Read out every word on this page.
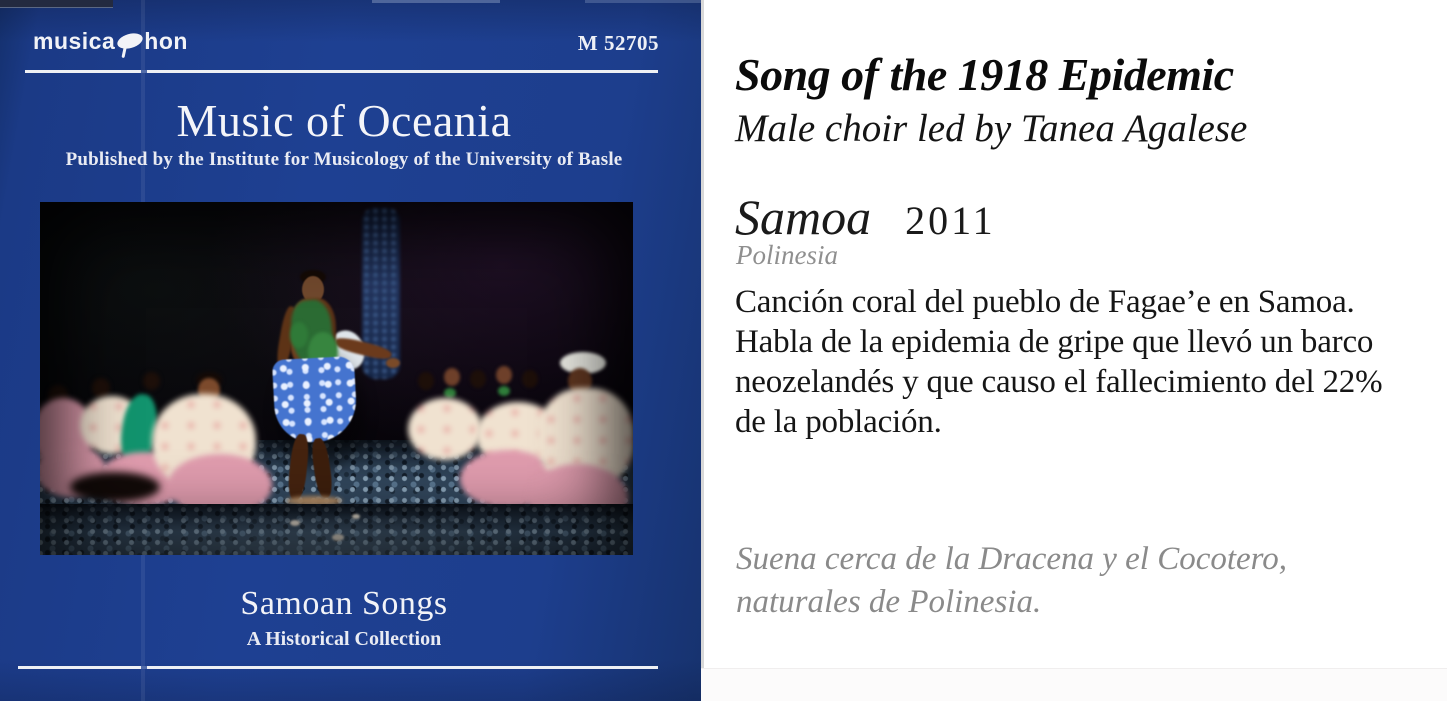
musica hon	M 52705
Music of Oceania
Published by the Institute for Musicology of the University of Basle
Samoan Songs
A Historical Collection
Song of the 1918 Epidemic
Male choir led by Tanea Agalese
Samoa 2011
Polinesia

Canción coral del pueblo de Fagae’e en Samoa. Habla de la epidemia de gripe que llevó un barco neozelandés y que causo el fallecimiento del 22% de la población.

Suena cerca de la Dracena y el Cocotero, naturales de Polinesia.
